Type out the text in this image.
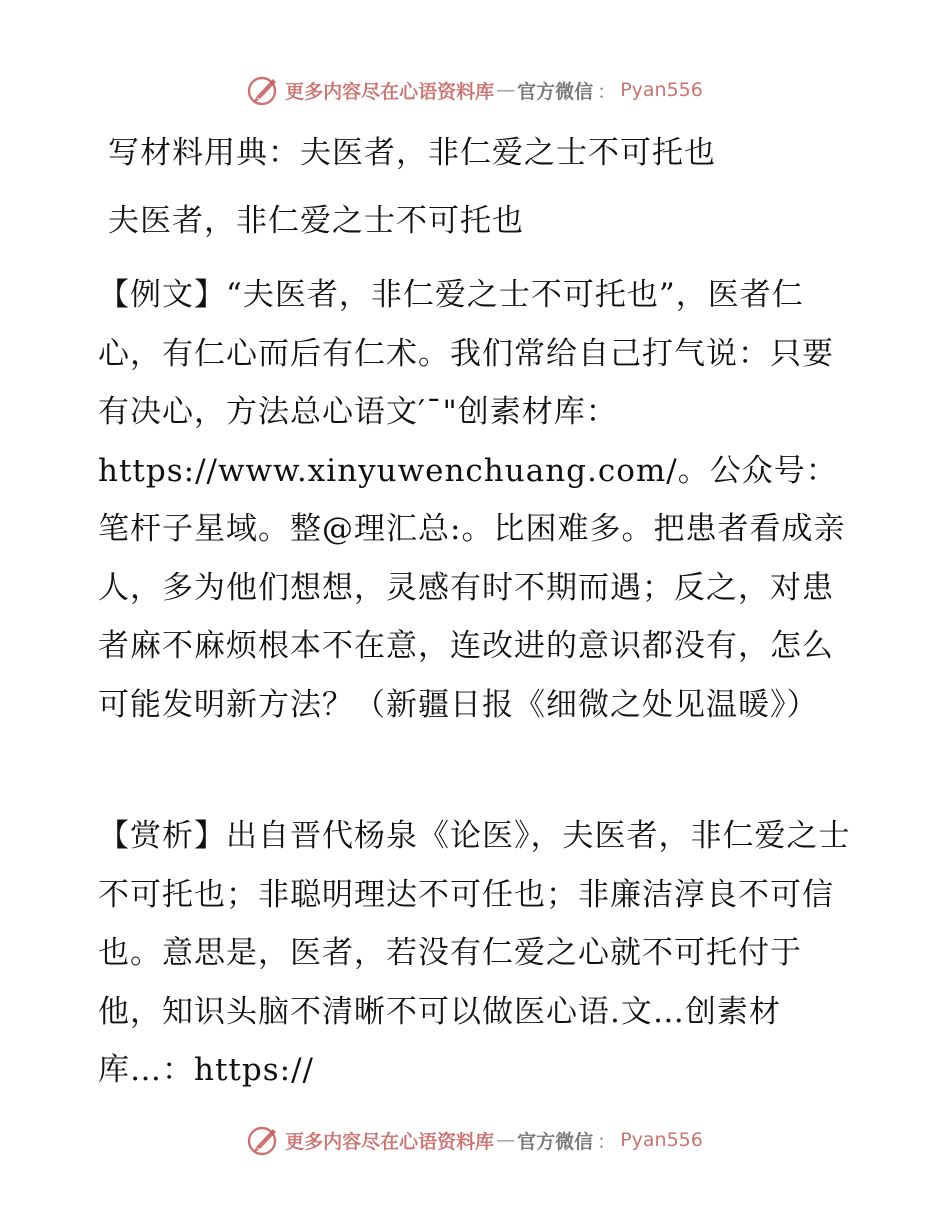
更多内容尽在心语资料库 — 官方微信 ： Pyan556
写材料用典：夫医者，非仁爱之士不可托也
夫医者，非仁爱之士不可托也
【例文】“夫医者，非仁爱之士不可托也”，医者仁心，有仁心而后有仁术。我们常给自己打气说：只要有决心，方法总心语文′¯"创素材库：https://www.xinyuwenchuang.com/。公众号：笔杆子星域。整@理汇总:。比困难多。把患者看成亲人，多为他们想想，灵感有时不期而遇；反之，对患者麻不麻烦根本不在意，连改进的意识都没有，怎么可能发明新方法？（新疆日报《细微之处见温暖》）
【赏析】出自晋代杨泉《论医》，夫医者，非仁爱之士不可托也；非聪明理达不可任也；非廉洁淳良不可信也。意思是，医者，若没有仁爱之心就不可托付于他，知识头脑不清晰不可以做医心语.文…创素材库…：https://
更多内容尽在心语资料库 — 官方微信 ： Pyan556
